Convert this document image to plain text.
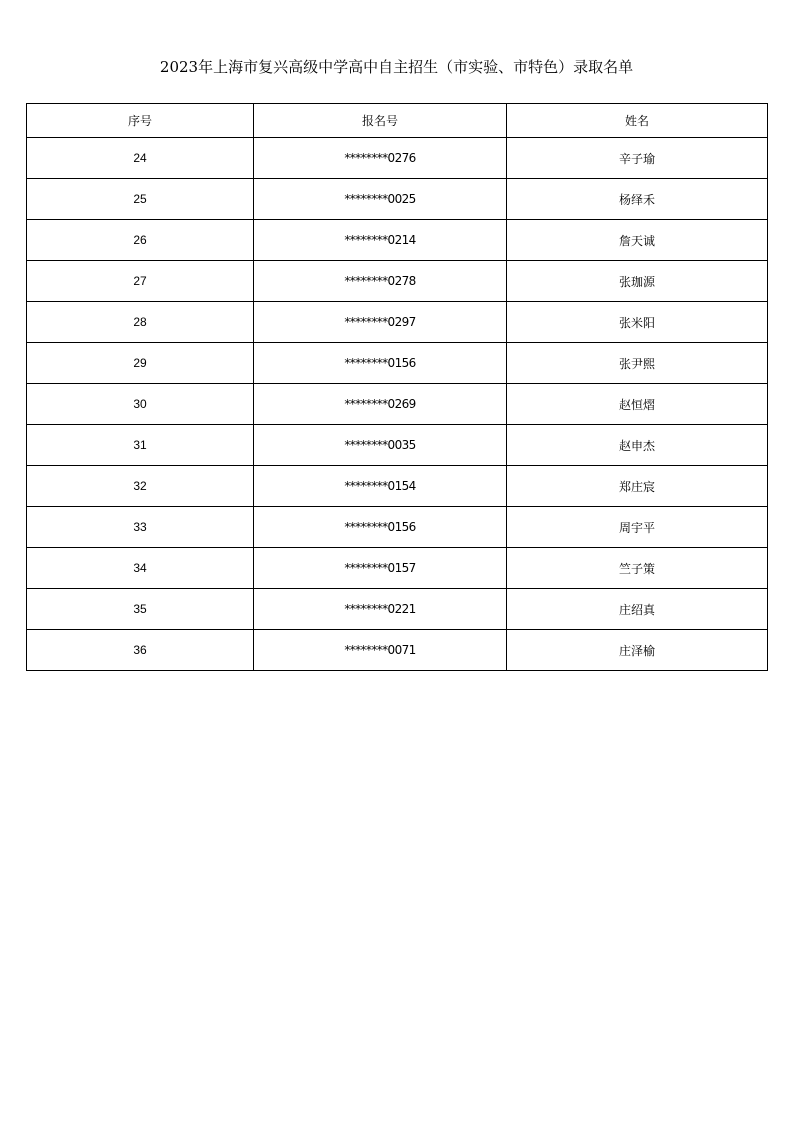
2023年上海市复兴高级中学高中自主招生（市实验、市特色）录取名单
序号	报名号	姓名
24	********0276	辛子瑜
25	********0025	杨绎禾
26	********0214	詹天诚
27	********0278	张珈源
28	********0297	张米阳
29	********0156	张尹熙
30	********0269	赵恒熠
31	********0035	赵申杰
32	********0154	郑庄宸
33	********0156	周宇平
34	********0157	竺子策
35	********0221	庄绍真
36	********0071	庄泽榆
